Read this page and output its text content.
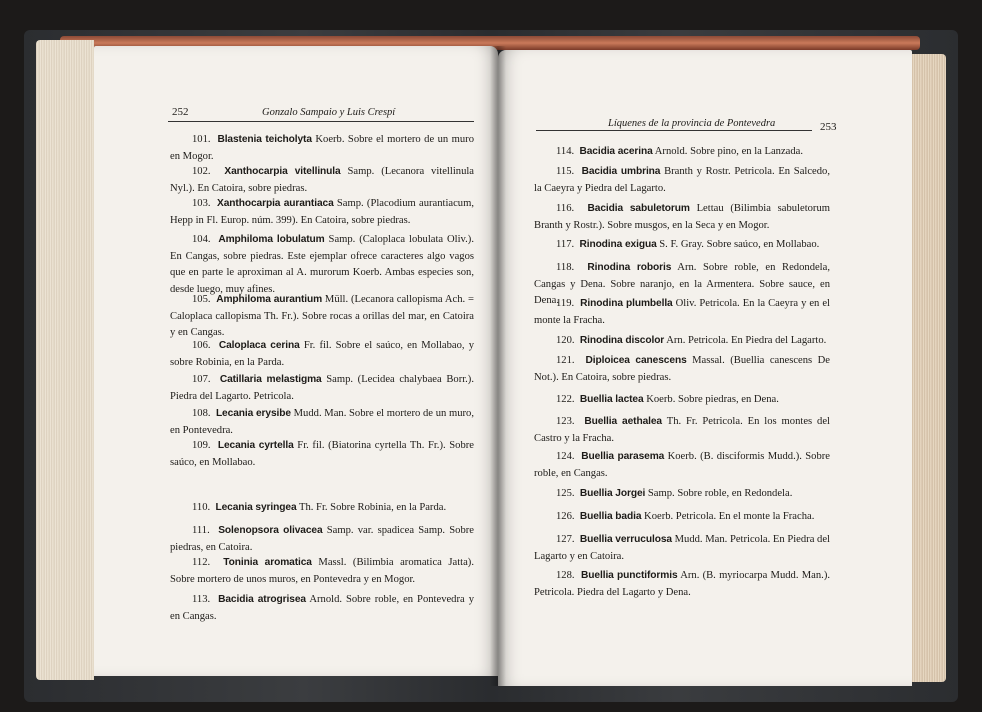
252	Gonzalo Sampaio y Luis Crespí
Líquenes de la provincia de Pontevedra	253
101.  Blastenia teicholyta Koerb. Sobre el mortero de un muro en Mogor.
102.  Xanthocarpia vitellinula Samp. (Lecanora vitellinula Nyl.). En Catoira, sobre piedras.
103.  Xanthocarpia aurantiaca Samp. (Placodium aurantiacum, Hepp in Fl. Europ. núm. 399). En Catoira, sobre piedras.
104.  Amphiloma lobulatum Samp. (Caloplaca lobulata Oliv.). En Cangas, sobre piedras. Este ejemplar ofrece caracteres algo vagos que en parte le aproximan al A. murorum Koerb. Ambas especies son, desde luego, muy afines.
105.  Amphiloma aurantium Müll. (Lecanora callopisma Ach. = Caloplaca callopisma Th. Fr.). Sobre rocas a orillas del mar, en Catoira y en Cangas.
106.  Caloplaca cerina Fr. fil. Sobre el saúco, en Mollabao, y sobre Robinia, en la Parda.
107.  Catillaria melastigma Samp. (Lecidea chalybaea Borr.). Piedra del Lagarto. Petricola.
108.  Lecania erysibe Mudd. Man. Sobre el mortero de un muro, en Pontevedra.
109.  Lecania cyrtella Fr. fil. (Biatorina cyrtella Th. Fr.). Sobre saúco, en Mollabao.
110.  Lecania syringea Th. Fr. Sobre Robinia, en la Parda.
111.  Solenopsora olivacea Samp. var. spadicea Samp. Sobre piedras, en Catoira.
112.  Toninia aromatica Massl. (Bilimbia aromatica Jatta). Sobre mortero de unos muros, en Pontevedra y en Mogor.
113.  Bacidia atrogrisea Arnold. Sobre roble, en Pontevedra y en Cangas.
114.  Bacidia acerina Arnold. Sobre pino, en la Lanzada.
115.  Bacidia umbrina Branth y Rostr. Petricola. En Salcedo, la Caeyra y Piedra del Lagarto.
116.  Bacidia sabuletorum Lettau (Bilimbia sabuletorum Branth y Rostr.). Sobre musgos, en la Seca y en Mogor.
117.  Rinodina exigua S. F. Gray. Sobre saúco, en Mollabao.
118.  Rinodina roboris Arn. Sobre roble, en Redondela, Cangas y Dena. Sobre naranjo, en la Armentera. Sobre sauce, en Dena.
119.  Rinodina plumbella Oliv. Petricola. En la Caeyra y en el monte la Fracha.
120.  Rinodina discolor Arn. Petricola. En Piedra del Lagarto.
121.  Diploicea canescens Massal. (Buellia canescens De Not.). En Catoira, sobre piedras.
122.  Buellia lactea Koerb. Sobre piedras, en Dena.
123.  Buellia aethalea Th. Fr. Petricola. En los montes del Castro y la Fracha.
124.  Buellia parasema Koerb. (B. disciformis Mudd.). Sobre roble, en Cangas.
125.  Buellia Jorgei Samp. Sobre roble, en Redondela.
126.  Buellia badia Koerb. Petricola. En el monte la Fracha.
127.  Buellia verruculosa Mudd. Man. Petricola. En Piedra del Lagarto y en Catoira.
128.  Buellia punctiformis Arn. (B. myriocarpa Mudd. Man.). Petricola. Piedra del Lagarto y Dena.
